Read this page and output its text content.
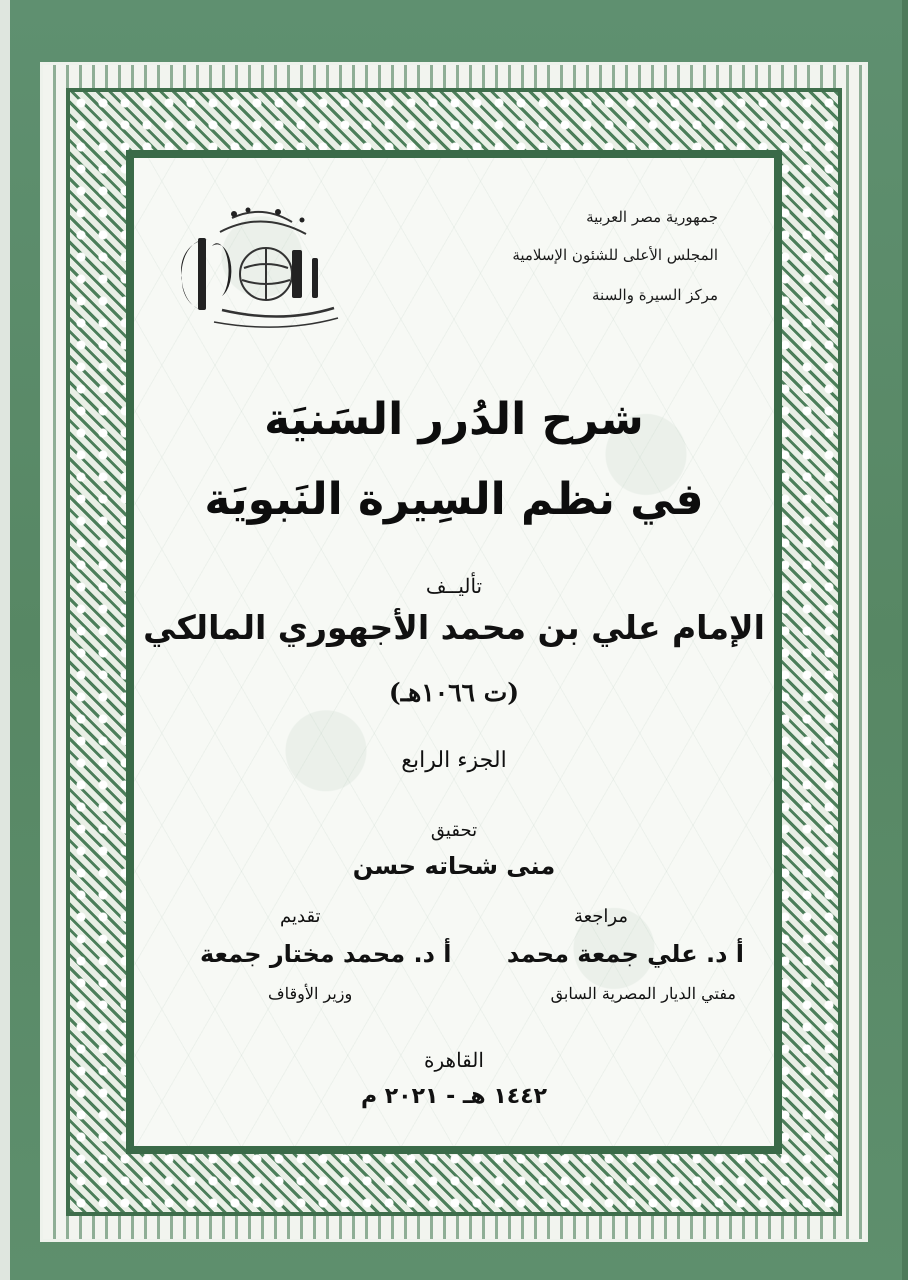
جمهورية مصر العربية
المجلس الأعلى للشئون الإسلامية
مركز السيرة والسنة
شرح الدُرر السَنيَة
في نظم السِيرة النَبويَة
تأليــف
الإمام علي بن محمد الأجهوري المالكي
(ت ١٠٦٦هـ)
الجزء الرابع
تحقيق
منى شحاته حسن
مراجعة
أ د. علي جمعة محمد
مفتي الديار المصرية السابق
تقديم
أ د. محمد مختار جمعة
وزير الأوقاف
القاهرة
١٤٤٢ هـ - ٢٠٢١ م
